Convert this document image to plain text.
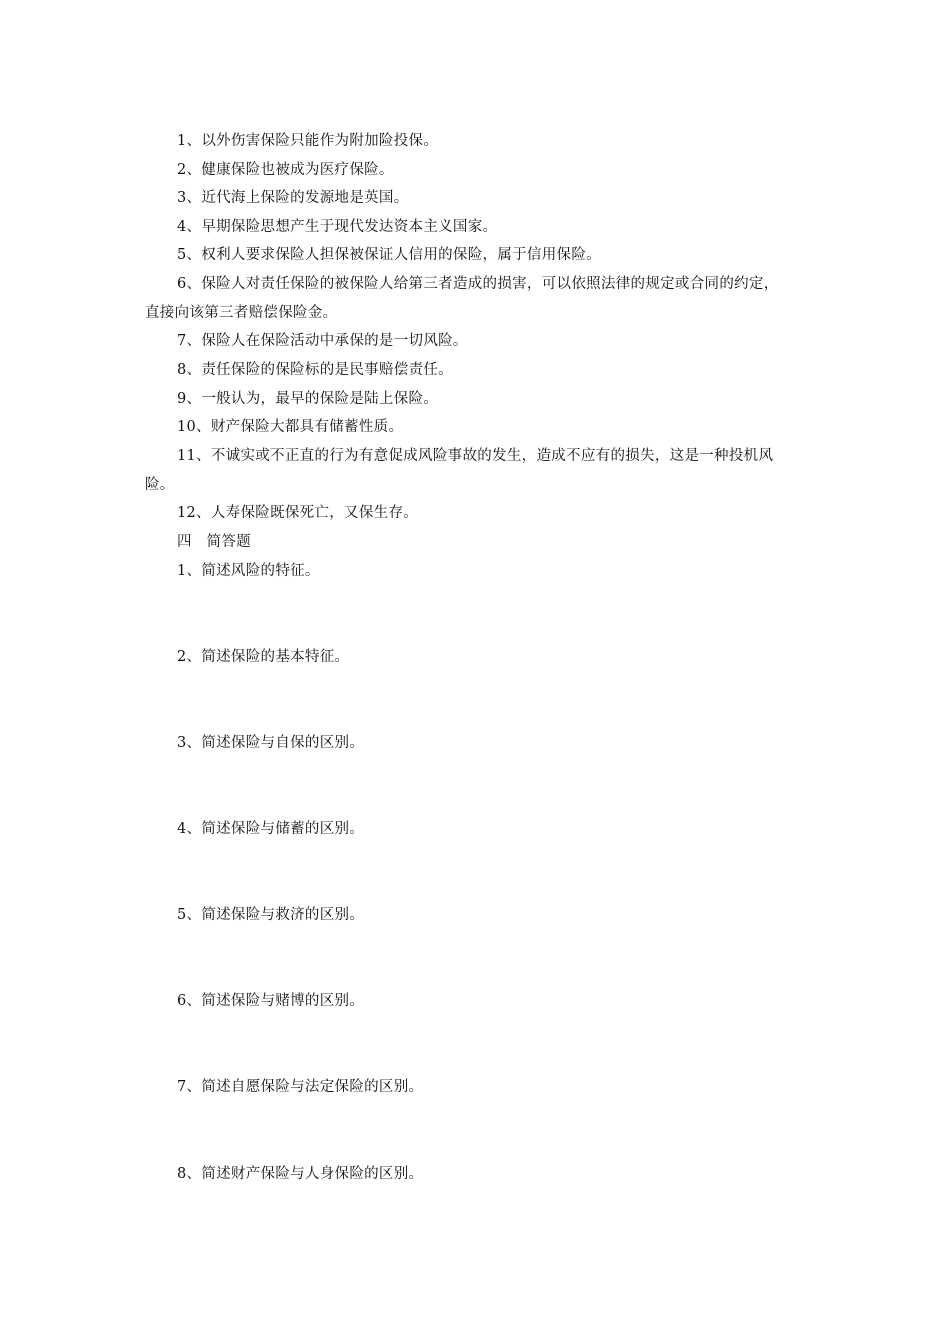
1、以外伤害保险只能作为附加险投保。
2、健康保险也被成为医疗保险。
3、近代海上保险的发源地是英国。
4、早期保险思想产生于现代发达资本主义国家。
5、权利人要求保险人担保被保证人信用的保险，属于信用保险。
6、保险人对责任保险的被保险人给第三者造成的损害，可以依照法律的规定或合同的约定，直接向该第三者赔偿保险金。
7、保险人在保险活动中承保的是一切风险。
8、责任保险的保险标的是民事赔偿责任。
9、一般认为，最早的保险是陆上保险。
10、财产保险大都具有储蓄性质。
11、不诚实或不正直的行为有意促成风险事故的发生，造成不应有的损失，这是一种投机风险。
12、人寿保险既保死亡，又保生存。
四　简答题
1、简述风险的特征。
2、简述保险的基本特征。
3、简述保险与自保的区别。
4、简述保险与储蓄的区别。
5、简述保险与救济的区别。
6、简述保险与赌博的区别。
7、简述自愿保险与法定保险的区别。
8、简述财产保险与人身保险的区别。
